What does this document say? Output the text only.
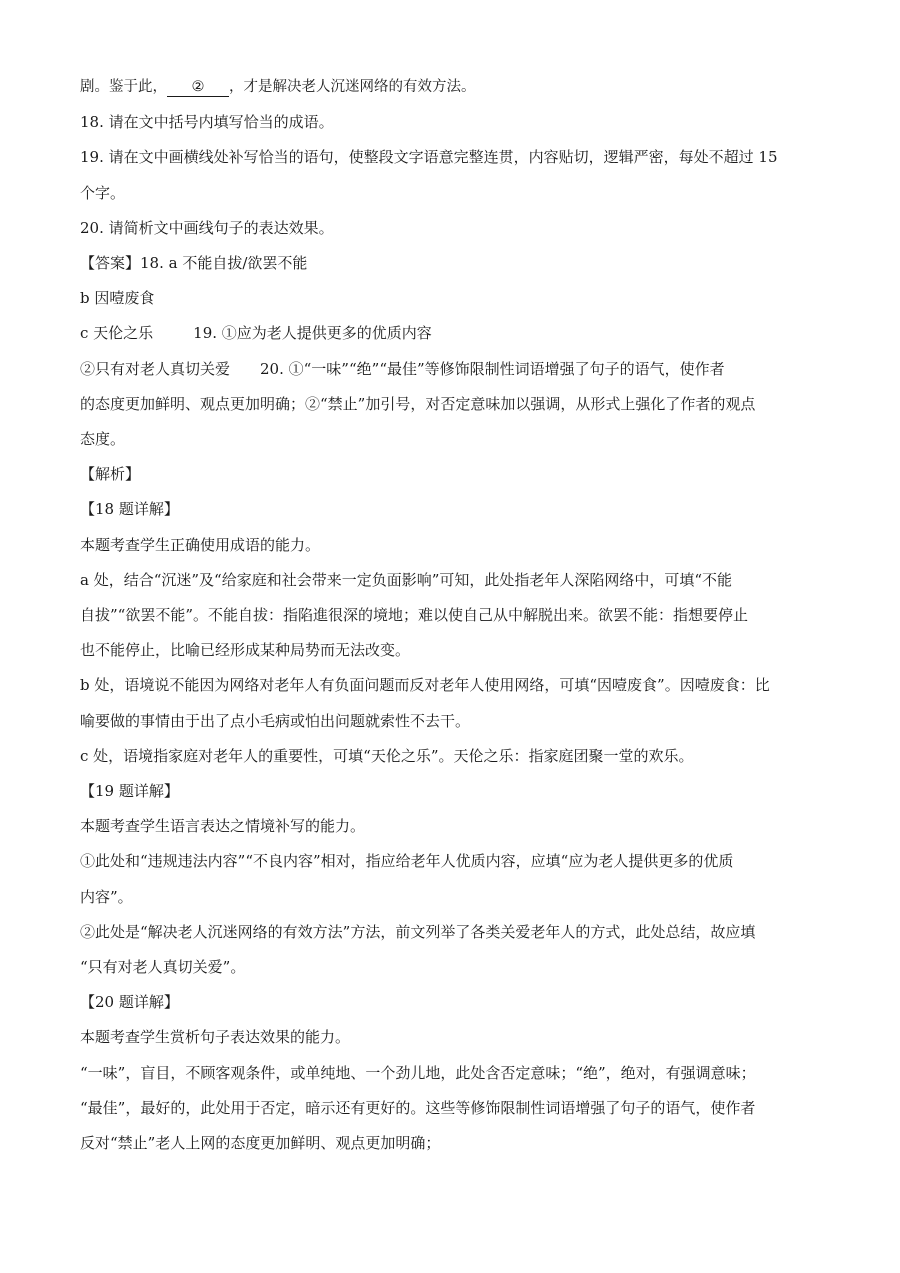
剧。鉴于此， ② ，才是解决老人沉迷网络的有效方法。
18. 请在文中括号内填写恰当的成语。
19. 请在文中画横线处补写恰当的语句，使整段文字语意完整连贯，内容贴切，逻辑严密，每处不超过 15
个字。
20. 请简析文中画线句子的表达效果。
【答案】18. a 不能自拔/欲罢不能
b 因噎废食
c 天伦之乐	19. ①应为老人提供更多的优质内容
②只有对老人真切关爱 20. ①“一味”“绝”“最佳”等修饰限制性词语增强了句子的语气，使作者
的态度更加鲜明、观点更加明确；②“禁止”加引号，对否定意味加以强调，从形式上强化了作者的观点
态度。
【解析】
【18 题详解】
本题考查学生正确使用成语的能力。
a 处，结合“沉迷”及“给家庭和社会带来一定负面影响”可知，此处指老年人深陷网络中，可填“不能
自拔”“欲罢不能”。不能自拔：指陷進很深的境地；难以使自己从中解脱出来。欲罢不能：指想要停止
也不能停止，比喻已经形成某种局势而无法改变。
b 处，语境说不能因为网络对老年人有负面问题而反对老年人使用网络，可填“因噎废食”。因噎废食：比
喻要做的事情由于出了点小毛病或怕出问题就索性不去干。
c 处，语境指家庭对老年人的重要性，可填“天伦之乐”。天伦之乐：指家庭团聚一堂的欢乐。
【19 题详解】
本题考查学生语言表达之情境补写的能力。
①此处和“违规违法内容”“不良内容”相对，指应给老年人优质内容，应填“应为老人提供更多的优质
内容”。
②此处是“解决老人沉迷网络的有效方法”方法，前文列举了各类关爱老年人的方式，此处总结，故应填
“只有对老人真切关爱”。
【20 题详解】
本题考查学生赏析句子表达效果的能力。
“一味”，盲目，不顾客观条件，或单纯地、一个劲儿地，此处含否定意味；“绝”，绝对，有强调意味；
“最佳”，最好的，此处用于否定，暗示还有更好的。这些等修饰限制性词语增强了句子的语气，使作者
反对“禁止”老人上网的态度更加鲜明、观点更加明确；
